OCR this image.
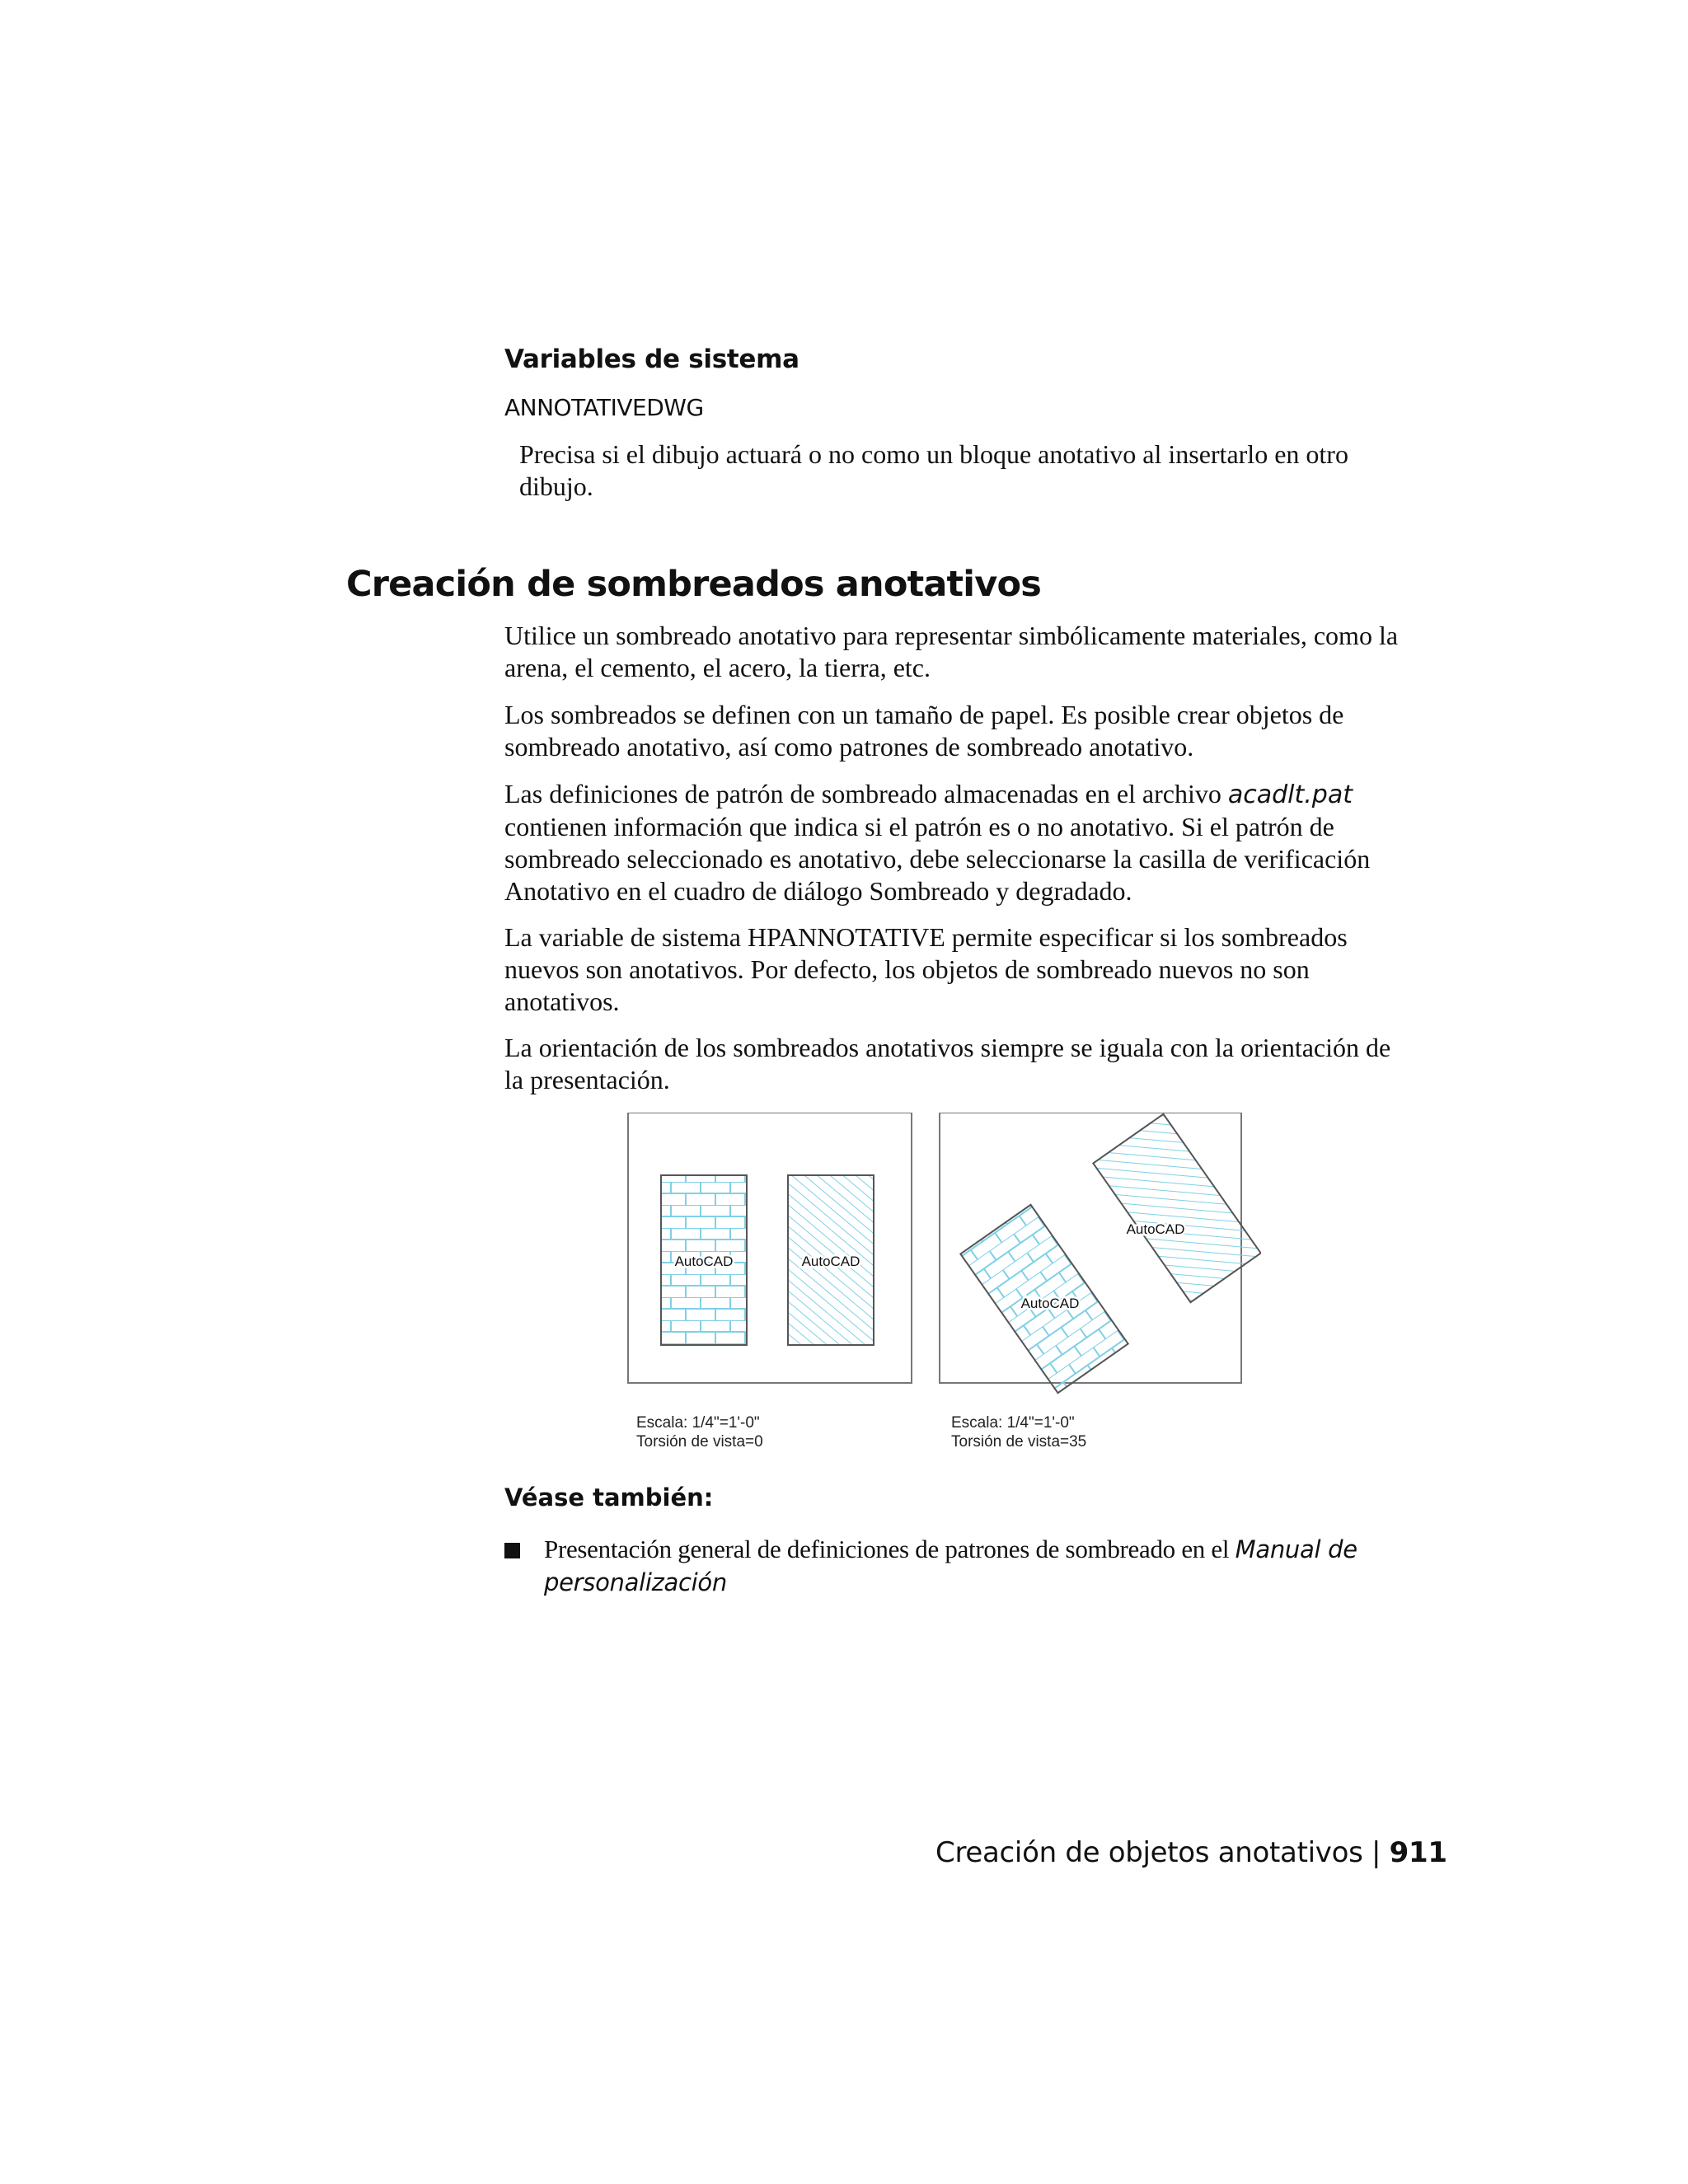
Variables de sistema
ANNOTATIVEDWG
Precisa si el dibujo actuará o no como un bloque anotativo al insertarlo en otro dibujo.
Creación de sombreados anotativos

Utilice un sombreado anotativo para representar simbólicamente materiales, como la arena, el cemento, el acero, la tierra, etc.

Los sombreados se definen con un tamaño de papel. Es posible crear objetos de sombreado anotativo, así como patrones de sombreado anotativo.

Las definiciones de patrón de sombreado almacenadas en el archivo acadlt.pat contienen información que indica si el patrón es o no anotativo. Si el patrón de sombreado seleccionado es anotativo, debe seleccionarse la casilla de verificación Anotativo en el cuadro de diálogo Sombreado y degradado.

La variable de sistema HPANNOTATIVE permite especificar si los sombreados nuevos son anotativos. Por defecto, los objetos de sombreado nuevos no son anotativos.

La orientación de los sombreados anotativos siempre se iguala con la orientación de la presentación.

AutoCAD	AutoCAD
AutoCAD
AutoCAD
Escala: 1/4"=1'-0"
Torsión de vista=0
Escala: 1/4"=1'-0"
Torsión de vista=35
Véase también:
Presentación general de definiciones de patrones de sombreado en el Manual de personalización
Creación de objetos anotativos | 911
